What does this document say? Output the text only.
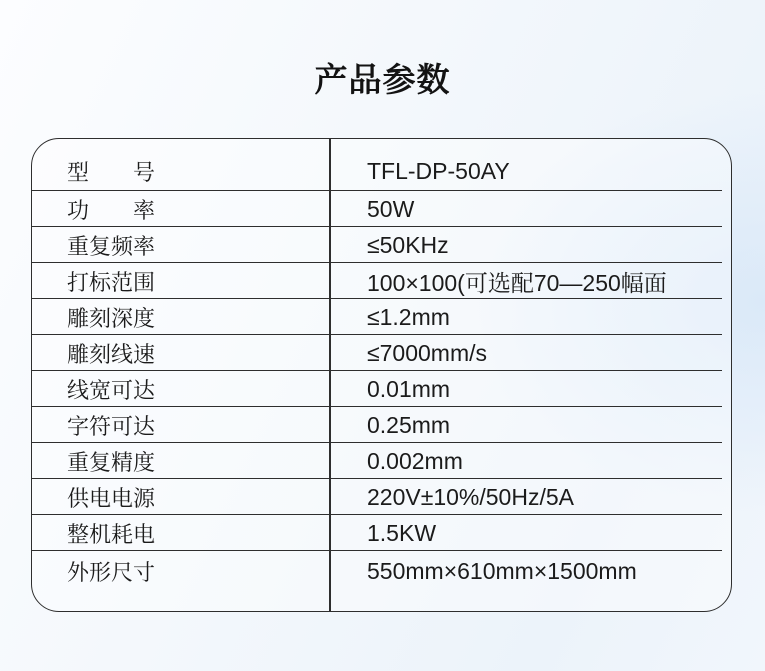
产品参数
型号	TFL-DP-50AY
功率	50W
重复频率	≤50KHz
打标范围	100×100(可选配70—250幅面
雕刻深度	≤1.2mm
雕刻线速	≤7000mm/s
线宽可达	0.01mm
字符可达	0.25mm
重复精度	0.002mm
供电电源	220V±10%/50Hz/5A
整机耗电	1.5KW
外形尺寸	550mm×610mm×1500mm
